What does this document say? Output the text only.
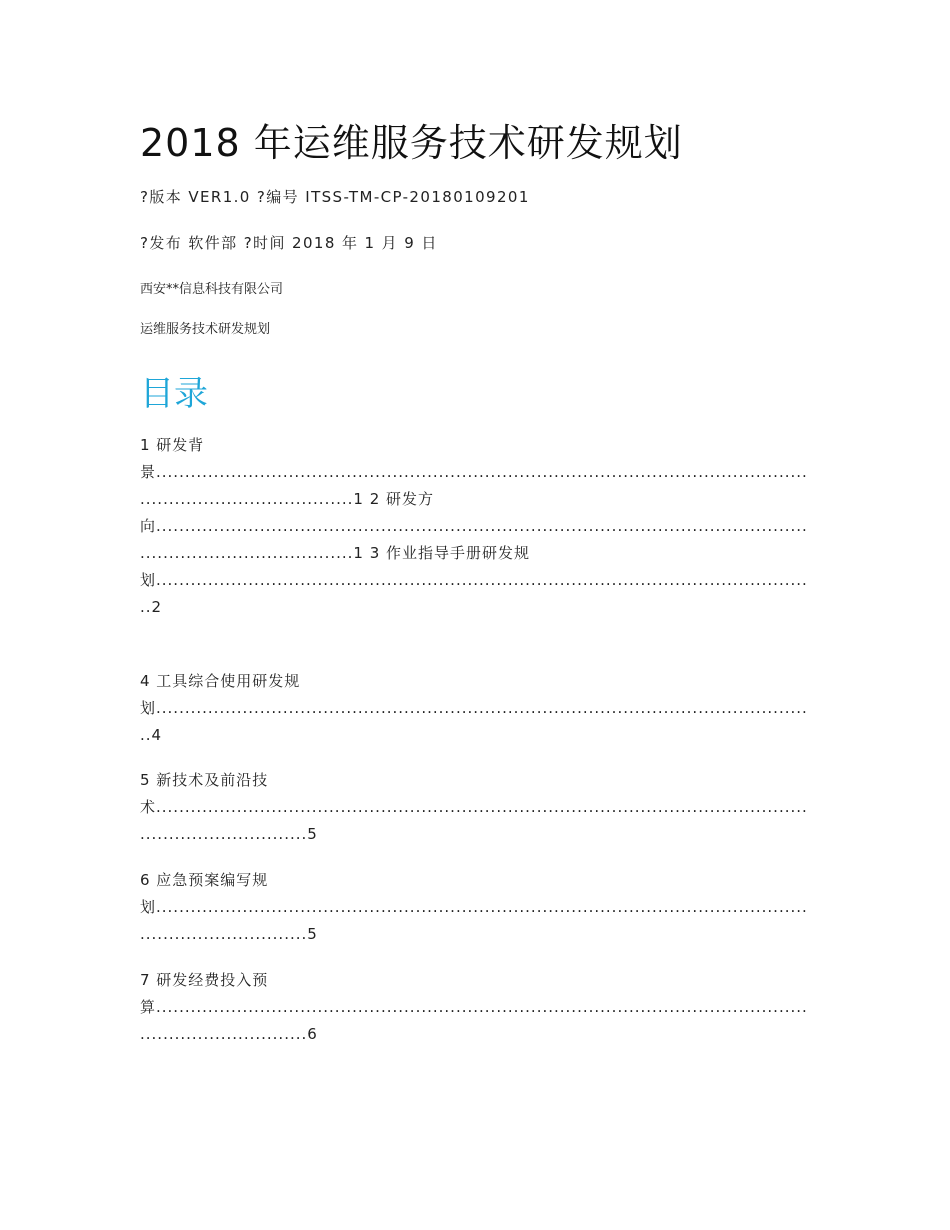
2018 年运维服务技术研发规划
?版本 VER1.0 ?编号 ITSS-TM-CP-20180109201
?发布 软件部 ?时间 2018 年 1 月 9 日
西安**信息科技有限公司
运维服务技术研发规划
目录
1 研发背景......................................................................................................................................................1 2 研发方向......................................................................................................................................................1 3 作业指导手册研发规划...................................................................................................................2
4 工具综合使用研发规划...................................................................................................................4
5 新技术及前沿技术..............................................................................................................................................5
6 应急预案编写规划..............................................................................................................................................5
7 研发经费投入预算..............................................................................................................................................6
